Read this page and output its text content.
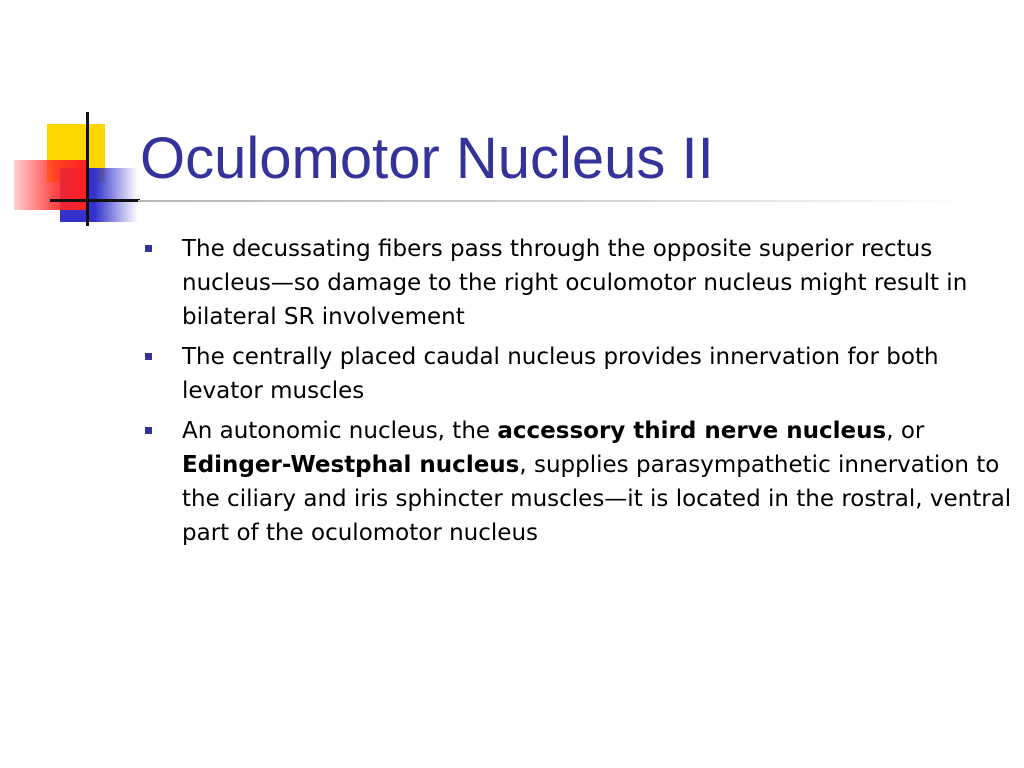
Oculomotor Nucleus II
The decussating fibers pass through the opposite superior rectus nucleus—so damage to the right oculomotor nucleus might result in bilateral SR involvement
The centrally placed caudal nucleus provides innervation for both levator muscles
An autonomic nucleus, the accessory third nerve nucleus, or Edinger-Westphal nucleus, supplies parasympathetic innervation to the ciliary and iris sphincter muscles—it is located in the rostral, ventral part of the oculomotor nucleus
